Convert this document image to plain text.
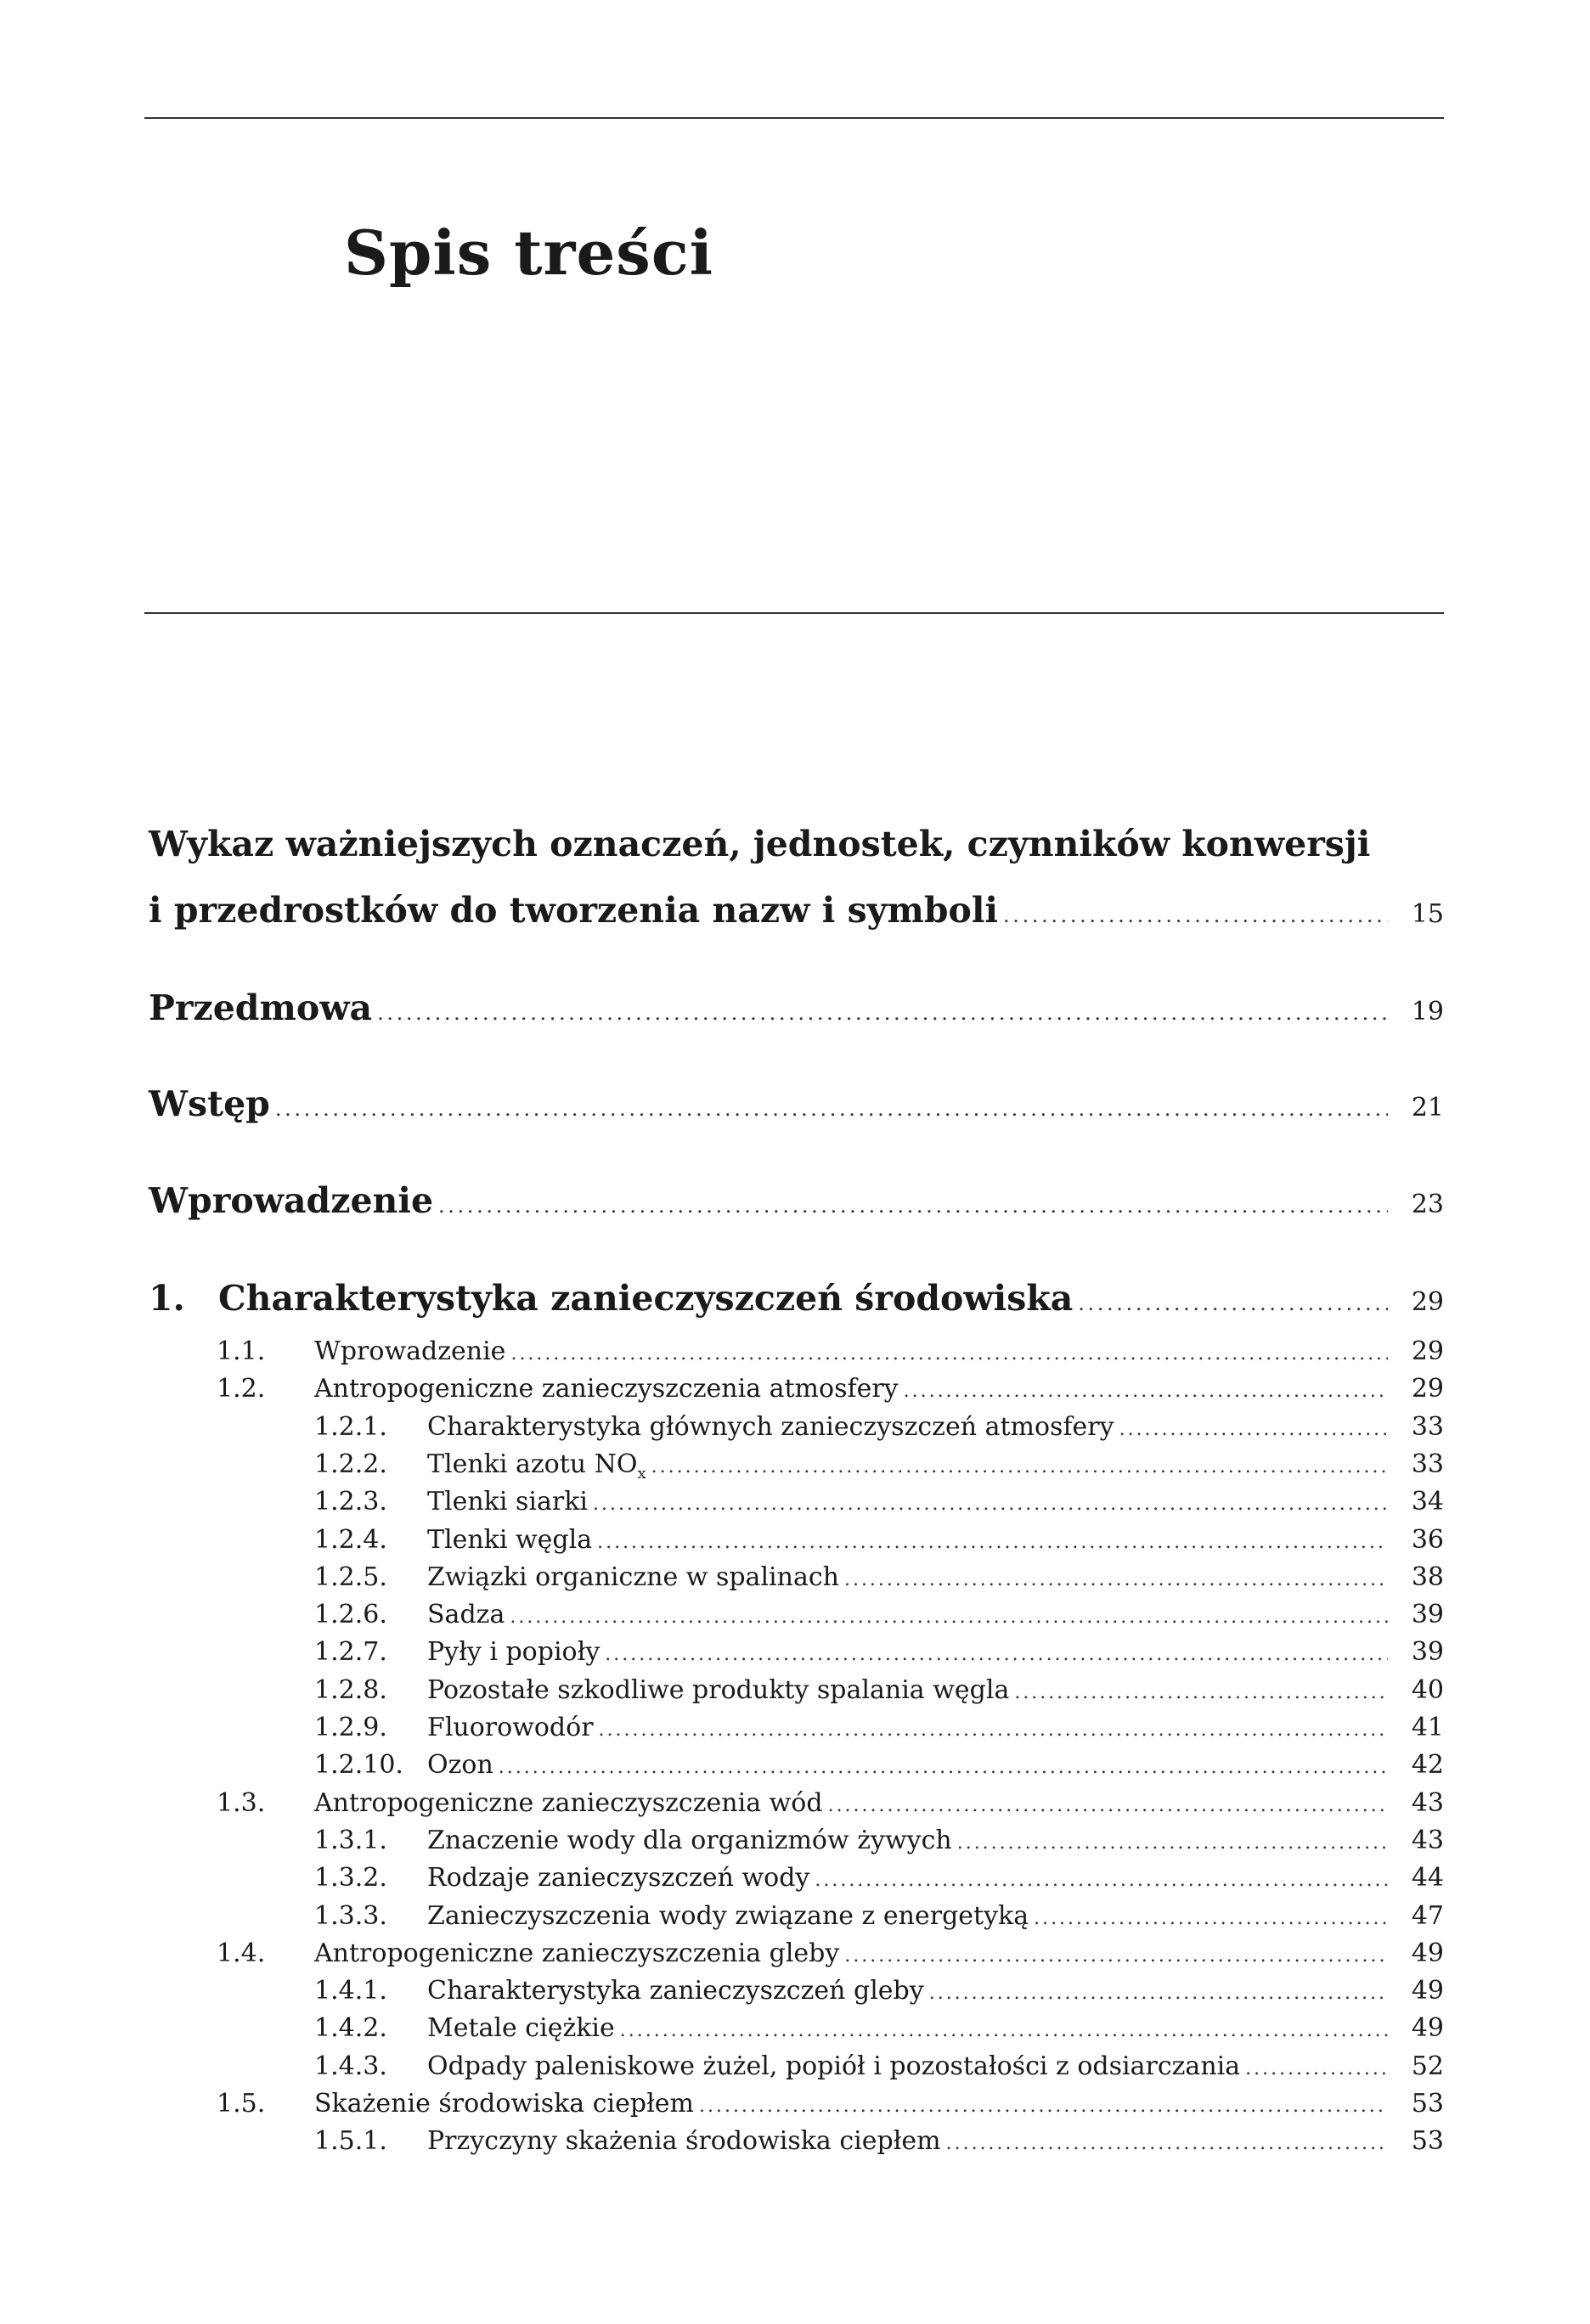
Spis treści
Wykaz ważniejszych oznaczeń, jednostek, czynników konwersji
i przedrostków do tworzenia nazw i symboli . . .	15
Przedmowa . . .	19
Wstęp . . .	21
Wprowadzenie . . .	23
1. Charakterystyka zanieczyszczeń środowiska . . .	29
1.1. Wprowadzenie . . .	29
1.2. Antropogeniczne zanieczyszczenia atmosfery . . .	29
1.2.1. Charakterystyka głównych zanieczyszczeń atmosfery . . .	33
1.2.2. Tlenki azotu $NO_x$ . . .	33
1.2.3. Tlenki siarki . . .	34
1.2.4. Tlenki węgla . . .	36
1.2.5. Związki organiczne w spalinach . . .	38
1.2.6. Sadza . . .	39
1.2.7. Pyły i popioły . . .	39
1.2.8. Pozostałe szkodliwe produkty spalania węgla . . .	40
1.2.9. Fluorowodór . . .	41
1.2.10. Ozon . . .	42
1.3. Antropogeniczne zanieczyszczenia wód . . .	43
1.3.1. Znaczenie wody dla organizmów żywych . . .	43
1.3.2. Rodzaje zanieczyszczeń wody . . .	44
1.3.3. Zanieczyszczenia wody związane z energetyką . . .	47
1.4. Antropogeniczne zanieczyszczenia gleby . . .	49
1.4.1. Charakterystyka zanieczyszczeń gleby . . .	49
1.4.2. Metale ciężkie . . .	49
1.4.3. Odpady paleniskowe żużel, popiół i pozostałości z odsiarczania . . .	52
1.5. Skażenie środowiska ciepłem . . .	53
1.5.1. Przyczyny skażenia środowiska ciepłem . . .	53
